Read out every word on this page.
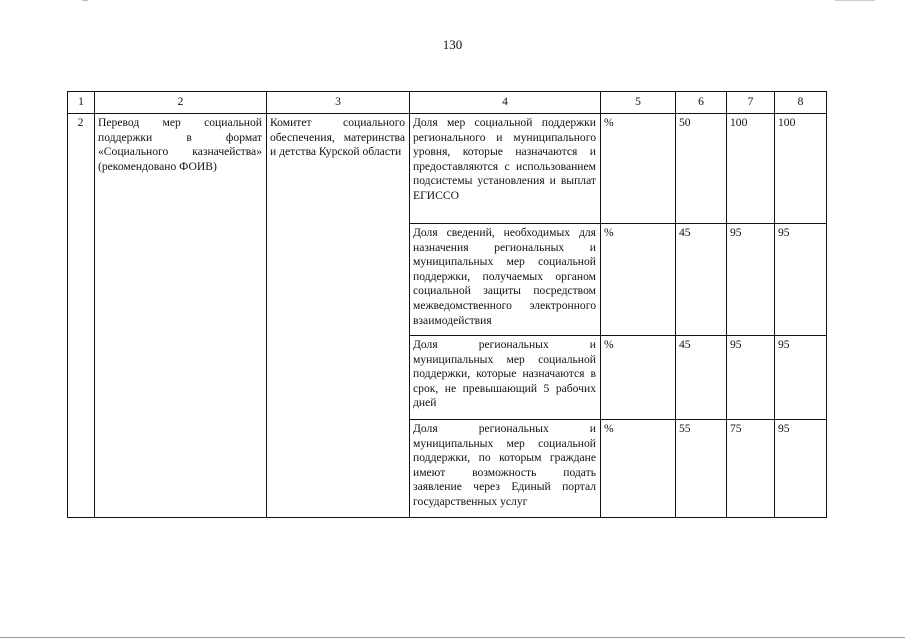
130
1	2	3	4	5	6	7	8
2	Перевод мер социальной поддержки в формат «Социального казначейства» (рекомендовано ФОИВ)	Комитет социального обеспечения, материнства и детства Курской области	Доля мер социальной поддержки регионального и муниципального уровня, которые назначаются и предоставляются с использованием подсистемы установления и выплат ЕГИССО	%	50	100	100
			Доля сведений, необходимых для назначения региональных и муниципальных мер социальной поддержки, получаемых органом социальной защиты посредством межведомственного электронного взаимодействия	%	45	95	95
			Доля региональных и муниципальных мер социальной поддержки, которые назначаются в срок, не превышающий 5 рабочих дней	%	45	95	95
			Доля региональных и муниципальных мер социальной поддержки, по которым граждане имеют возможность подать заявление через Единый портал государственных услуг	%	55	75	95
